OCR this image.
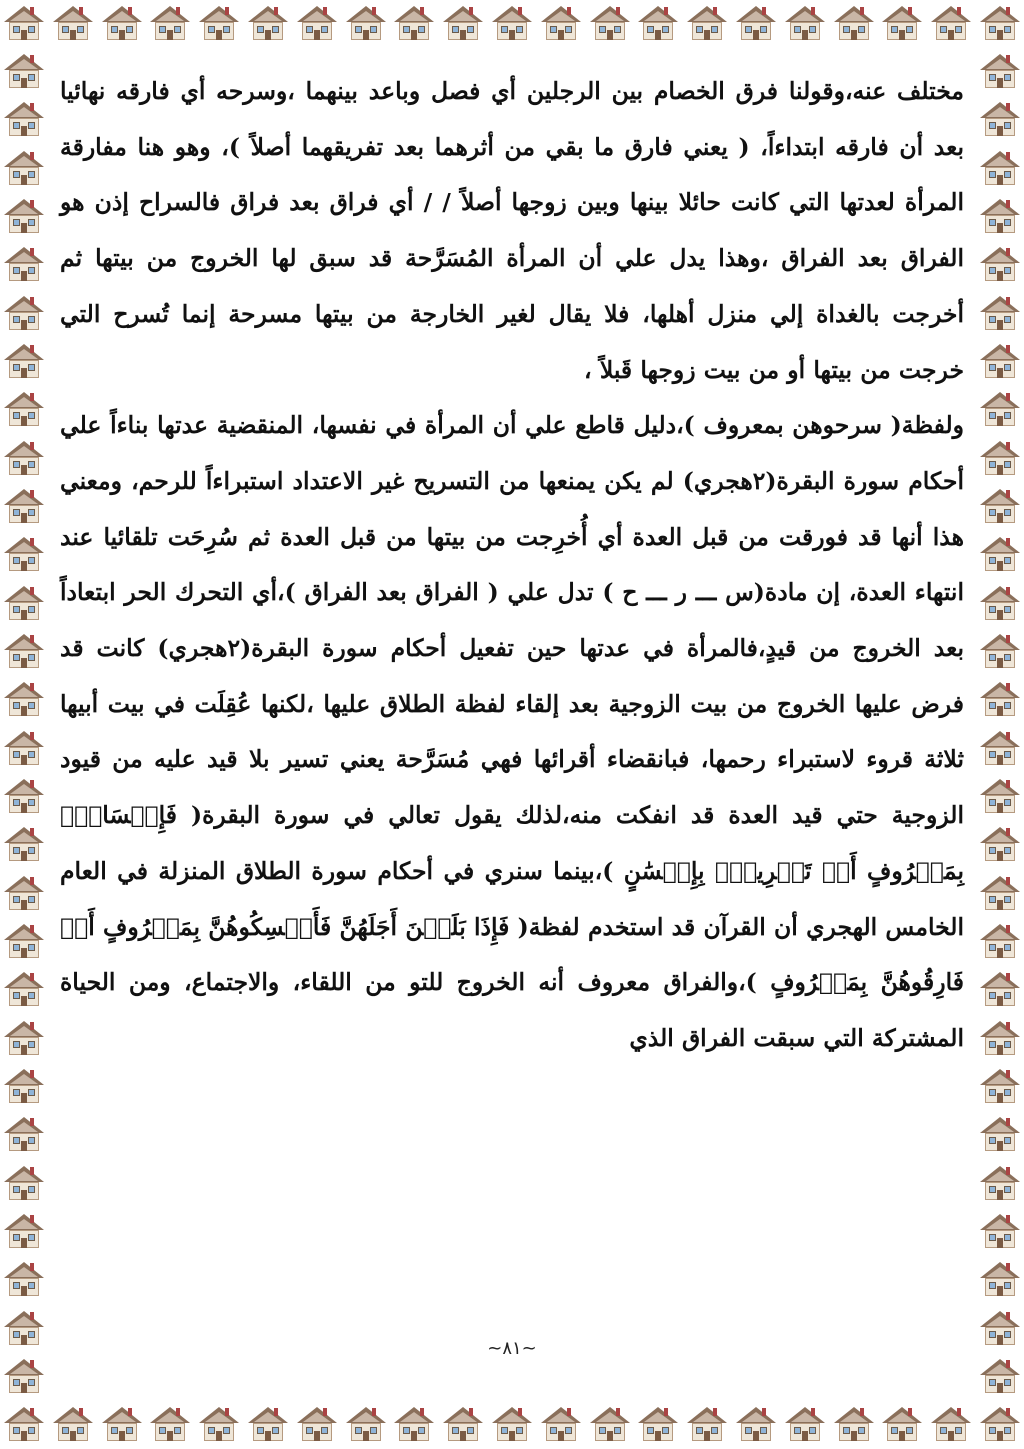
مختلف عنه،وقولنا فرق الخصام بين الرجلين أي فصل وباعد بينهما ،وسرحه أي فارقه نهائيا بعد أن فارقه ابتداءاً، ( يعني فارق ما بقي من أثرهما بعد تفريقهما أصلاً )، وهو هنا مفارقة المرأة لعدتها التي كانت حائلا بينها وبين زوجها أصلاً / / أي فراق بعد فراق فالسراح إذن هو الفراق بعد الفراق ،وهذا يدل علي أن المرأة المُسَرَّحة قد سبق لها الخروج من بيتها ثم أخرجت بالغداة إلي منزل أهلها، فلا يقال لغير الخارجة من بيتها مسرحة إنما تُسرح التي خرجت من بيتها أو من بيت زوجها قَبلاً ،

ولفظة( سرحوهن بمعروف )،دليل قاطع علي أن المرأة في نفسها، المنقضية عدتها بناءاً علي أحكام سورة البقرة(٢هجري) لم يكن يمنعها من التسريح غير الاعتداد استبراءاً للرحم، ومعني هذا أنها قد فورقت من قبل العدة أي أُخرِجت من بيتها من قبل العدة ثم سُرِحَت تلقائيا عند انتهاء العدة، إن مادة(س ـــ ر ـــ ح ) تدل علي ( الفراق بعد الفراق )،أي التحرك الحر ابتعاداً بعد الخروج من قيدٍ،فالمرأة في عدتها حين تفعيل أحكام سورة البقرة(٢هجري) كانت قد فرض عليها الخروج من بيت الزوجية بعد إلقاء لفظة الطلاق عليها ،لكنها عُقِلَت في بيت أبيها ثلاثة قروء لاستبراء رحمها، فبانقضاء أقرائها فهي مُسَرَّحة يعني تسير بلا قيد عليه من قيود الزوجية حتي قيد العدة قد انفكت منه،لذلك يقول تعالي في سورة البقرة( فَإِمۡسَاكُۢ بِمَعۡرُوفٍ أَوۡ تَسۡرِيحُۢ بِإِحۡسَٰنٍ )،بينما سنري في أحكام سورة الطلاق المنزلة في العام الخامس الهجري أن القرآن قد استخدم لفظة( فَإِذَا بَلَغۡنَ أَجَلَهُنَّ فَأَمۡسِكُوهُنَّ بِمَعۡرُوفٍ أَوۡ فَارِقُوهُنَّ بِمَعۡرُوفٍ )،والفراق معروف أنه الخروج للتو من اللقاء، والاجتماع، ومن الحياة المشتركة التي سبقت الفراق الذي

~٨١~
